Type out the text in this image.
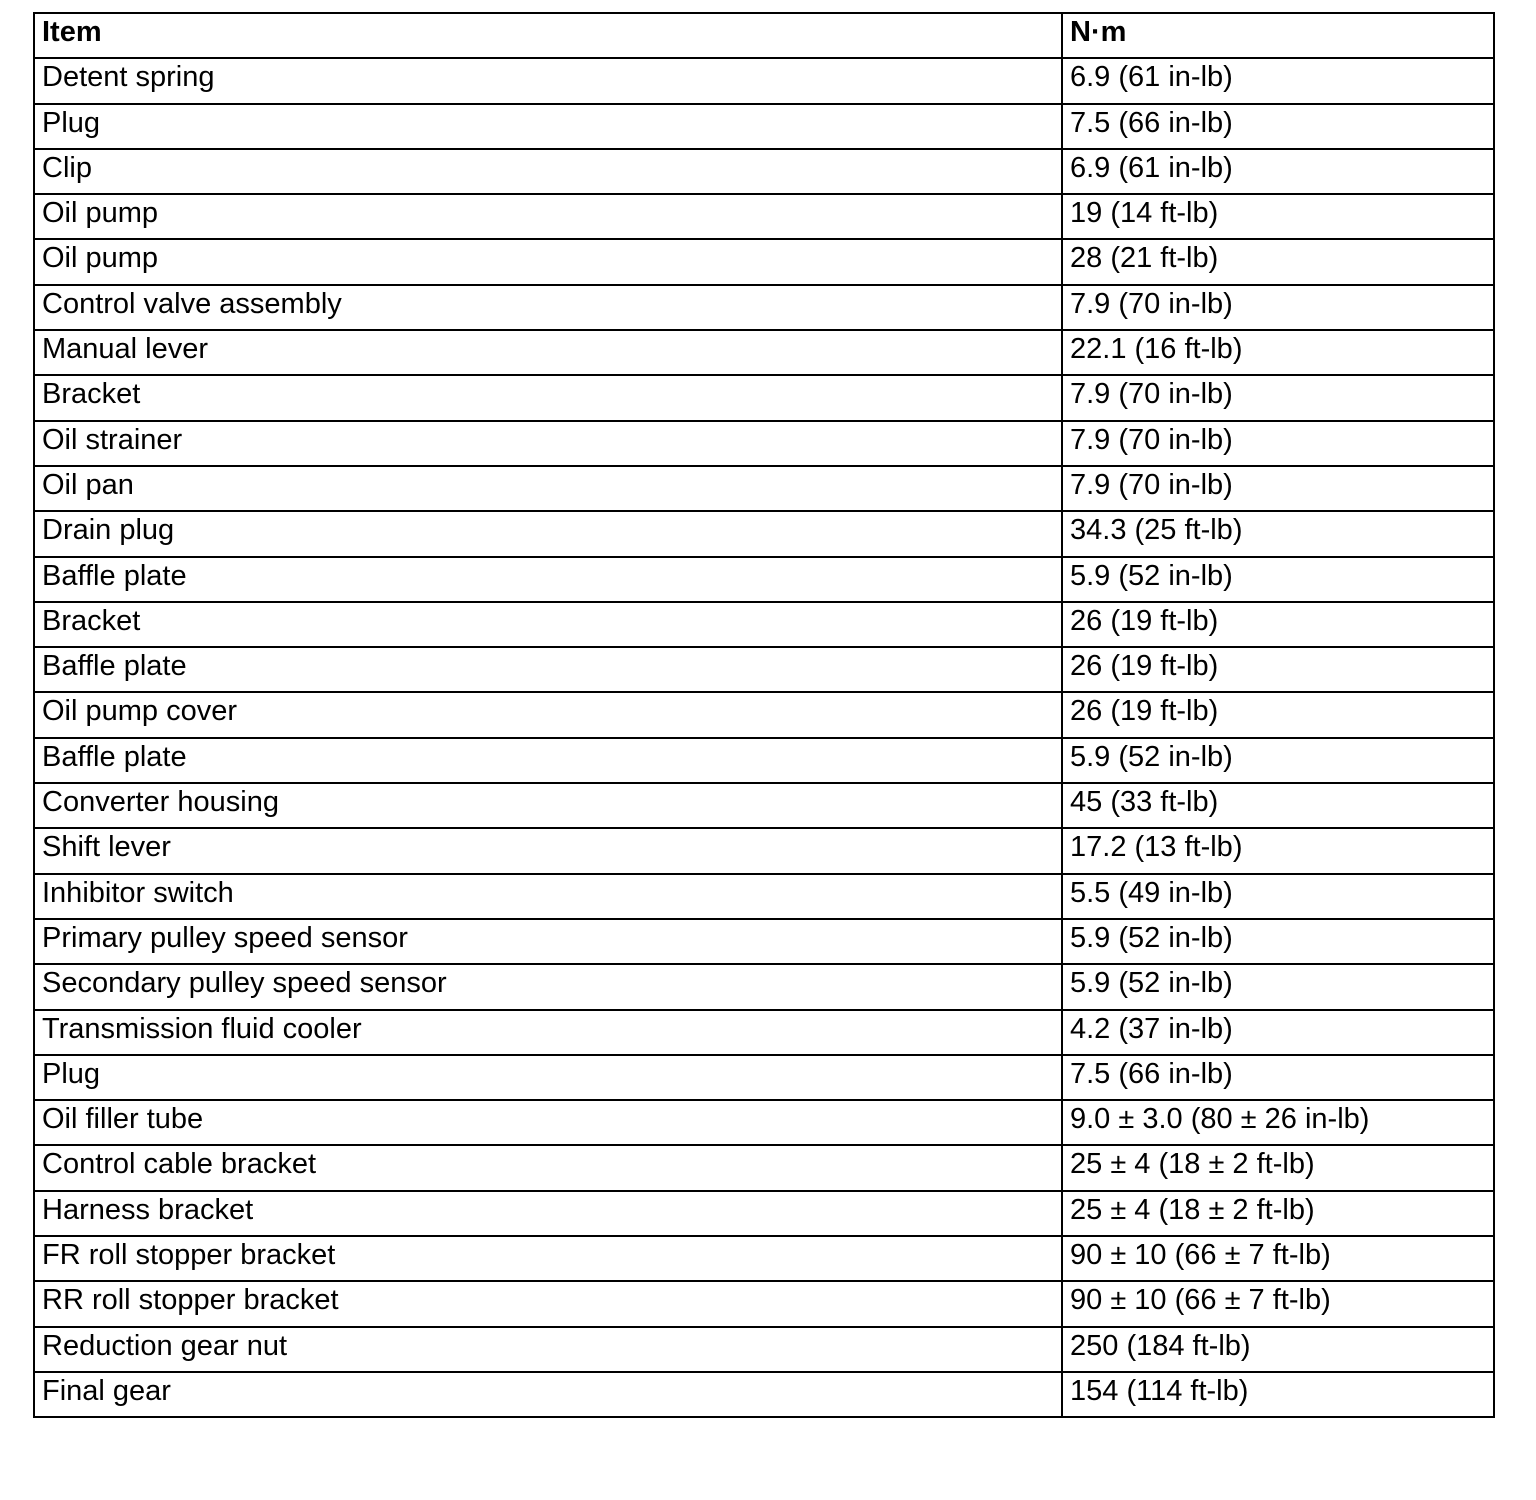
Item	N·m
Detent spring	6.9 (61 in-lb)
Plug	7.5 (66 in-lb)
Clip	6.9 (61 in-lb)
Oil pump	19 (14 ft-lb)
Oil pump	28 (21 ft-lb)
Control valve assembly	7.9 (70 in-lb)
Manual lever	22.1 (16 ft-lb)
Bracket	7.9 (70 in-lb)
Oil strainer	7.9 (70 in-lb)
Oil pan	7.9 (70 in-lb)
Drain plug	34.3 (25 ft-lb)
Baffle plate	5.9 (52 in-lb)
Bracket	26 (19 ft-lb)
Baffle plate	26 (19 ft-lb)
Oil pump cover	26 (19 ft-lb)
Baffle plate	5.9 (52 in-lb)
Converter housing	45 (33 ft-lb)
Shift lever	17.2 (13 ft-lb)
Inhibitor switch	5.5 (49 in-lb)
Primary pulley speed sensor	5.9 (52 in-lb)
Secondary pulley speed sensor	5.9 (52 in-lb)
Transmission fluid cooler	4.2 (37 in-lb)
Plug	7.5 (66 in-lb)
Oil filler tube	9.0 ± 3.0 (80 ± 26 in-lb)
Control cable bracket	25 ± 4 (18 ± 2 ft-lb)
Harness bracket	25 ± 4 (18 ± 2 ft-lb)
FR roll stopper bracket	90 ± 10 (66 ± 7 ft-lb)
RR roll stopper bracket	90 ± 10 (66 ± 7 ft-lb)
Reduction gear nut	250 (184 ft-lb)
Final gear	154 (114 ft-lb)
